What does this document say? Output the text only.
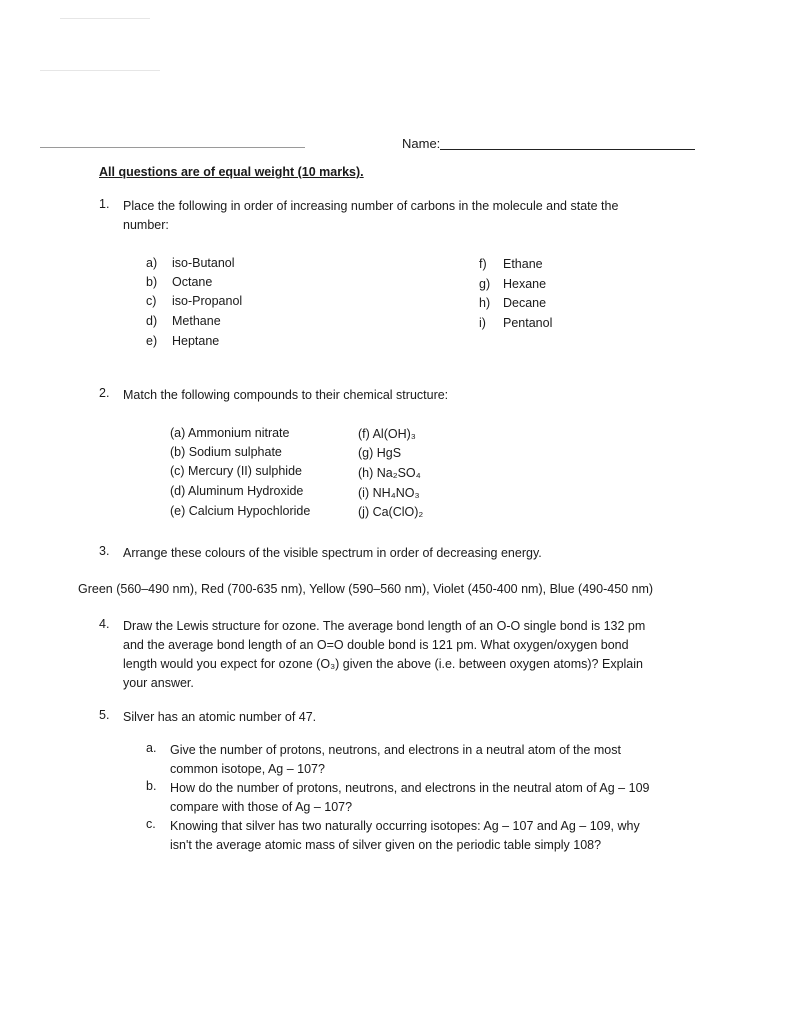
Name:
All questions are of equal weight (10 marks).
1. Place the following in order of increasing number of carbons in the molecule and state the
number:
a) iso-Butanol
b) Octane
c) iso-Propanol
d) Methane
e) Heptane
f) Ethane
g) Hexane
h) Decane
i) Pentanol
2. Match the following compounds to their chemical structure:
(a) Ammonium nitrate
(b) Sodium sulphate
(c) Mercury (II) sulphide
(d) Aluminum Hydroxide
(e) Calcium Hypochloride
(f) Al(OH)₃
(g) HgS
(h) Na₂SO₄
(i) NH₄NO₃
(j) Ca(ClO)₂
3. Arrange these colours of the visible spectrum in order of decreasing energy.
Green (560–490 nm), Red (700-635 nm), Yellow (590–560 nm), Violet (450-400 nm), Blue (490-450 nm)
4. Draw the Lewis structure for ozone. The average bond length of an O-O single bond is 132 pm
and the average bond length of an O=O double bond is 121 pm. What oxygen/oxygen bond
length would you expect for ozone (O₃) given the above (i.e. between oxygen atoms)? Explain
your answer.
5. Silver has an atomic number of 47.
a. Give the number of protons, neutrons, and electrons in a neutral atom of the most
common isotope, Ag – 107?
b. How do the number of protons, neutrons, and electrons in the neutral atom of Ag – 109
compare with those of Ag – 107?
c. Knowing that silver has two naturally occurring isotopes: Ag – 107 and Ag – 109, why
isn't the average atomic mass of silver given on the periodic table simply 108?
